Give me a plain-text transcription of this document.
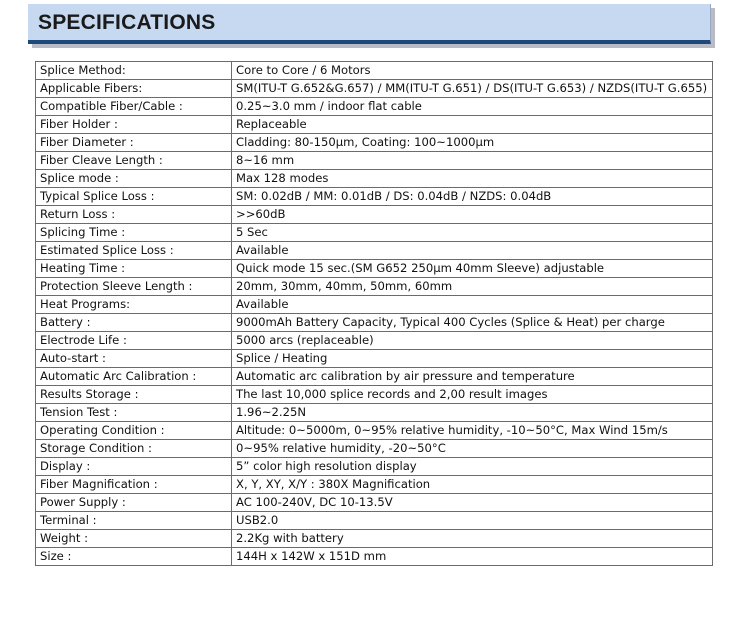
SPECIFICATIONS
Splice Method:	Core to Core / 6 Motors
Applicable Fibers:	SM(ITU-T G.652&G.657) / MM(ITU-T G.651) / DS(ITU-T G.653) / NZDS(ITU-T G.655)
Compatible Fiber/Cable :	0.25~3.0 mm / indoor flat cable
Fiber Holder :	Replaceable
Fiber Diameter :	Cladding: 80-150μm, Coating: 100~1000μm
Fiber Cleave Length :	8~16 mm
Splice mode :	Max 128 modes
Typical Splice Loss :	SM: 0.02dB / MM: 0.01dB / DS: 0.04dB / NZDS: 0.04dB
Return Loss :	>>60dB
Splicing Time :	5 Sec
Estimated Splice Loss :	Available
Heating Time :	Quick mode 15 sec.(SM G652 250μm 40mm Sleeve) adjustable
Protection Sleeve Length :	20mm, 30mm, 40mm, 50mm, 60mm
Heat Programs:	Available
Battery :	9000mAh Battery Capacity, Typical 400 Cycles (Splice & Heat) per charge
Electrode Life :	5000 arcs (replaceable)
Auto-start :	Splice / Heating
Automatic Arc Calibration :	Automatic arc calibration by air pressure and temperature
Results Storage :	The last 10,000 splice records and 2,00 result images
Tension Test :	1.96~2.25N
Operating Condition :	Altitude: 0~5000m, 0~95% relative humidity, -10~50°C, Max Wind 15m/s
Storage Condition :	0~95% relative humidity, -20~50°C
Display :	5” color high resolution display
Fiber Magnification :	X, Y, XY, X/Y : 380X Magnification
Power Supply :	AC 100-240V, DC 10-13.5V
Terminal :	USB2.0
Weight :	2.2Kg with battery
Size :	144H x 142W x 151D mm
